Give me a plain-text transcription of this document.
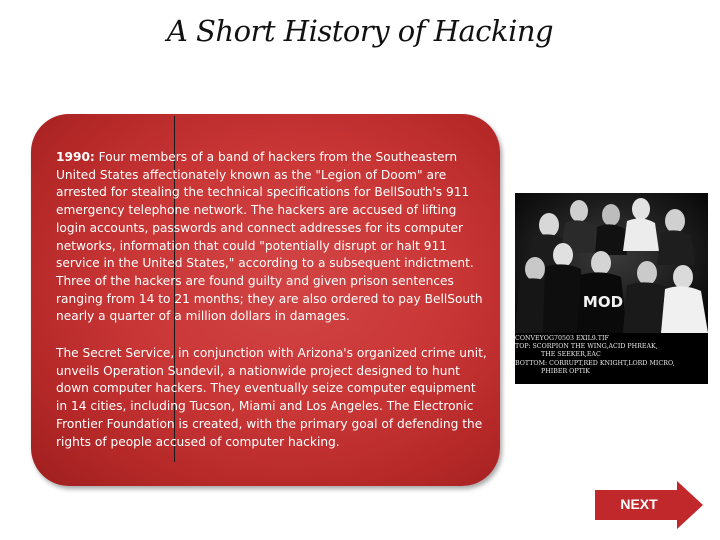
A Short History of Hacking

1990: Four members of a band of hackers from the Southeastern United States affectionately known as the "Legion of Doom" are arrested for stealing the technical specifications for BellSouth's 911 emergency telephone network. The hackers are accused of lifting login accounts, passwords and connect addresses for its computer networks, information that could "potentially disrupt or halt 911 service in the United States," according to a subsequent indictment. Three of the hackers are found guilty and given prison sentences ranging from 14 to 21 months; they are also ordered to pay BellSouth nearly a quarter of a million dollars in damages.

The Secret Service, in conjunction with Arizona's organized crime unit, unveils Operation Sundevil, a nationwide project designed to hunt down computer hackers. They eventually seize computer equipment in 14 cities, including Tucson, Miami and Los Angeles. The Electronic Frontier Foundation is created, with the primary goal of defending the rights of people accused of computer hacking.

MOD
CONVEYOG70503 EXIL9.TIF
TOP: SCORPION THE WING,ACID PHREAK,
THE SEEKER,EAC
BOTTOM: CORRUPT,RED KNIGHT,LORD MICRO,
PHIBER OPTIK
NEXT
